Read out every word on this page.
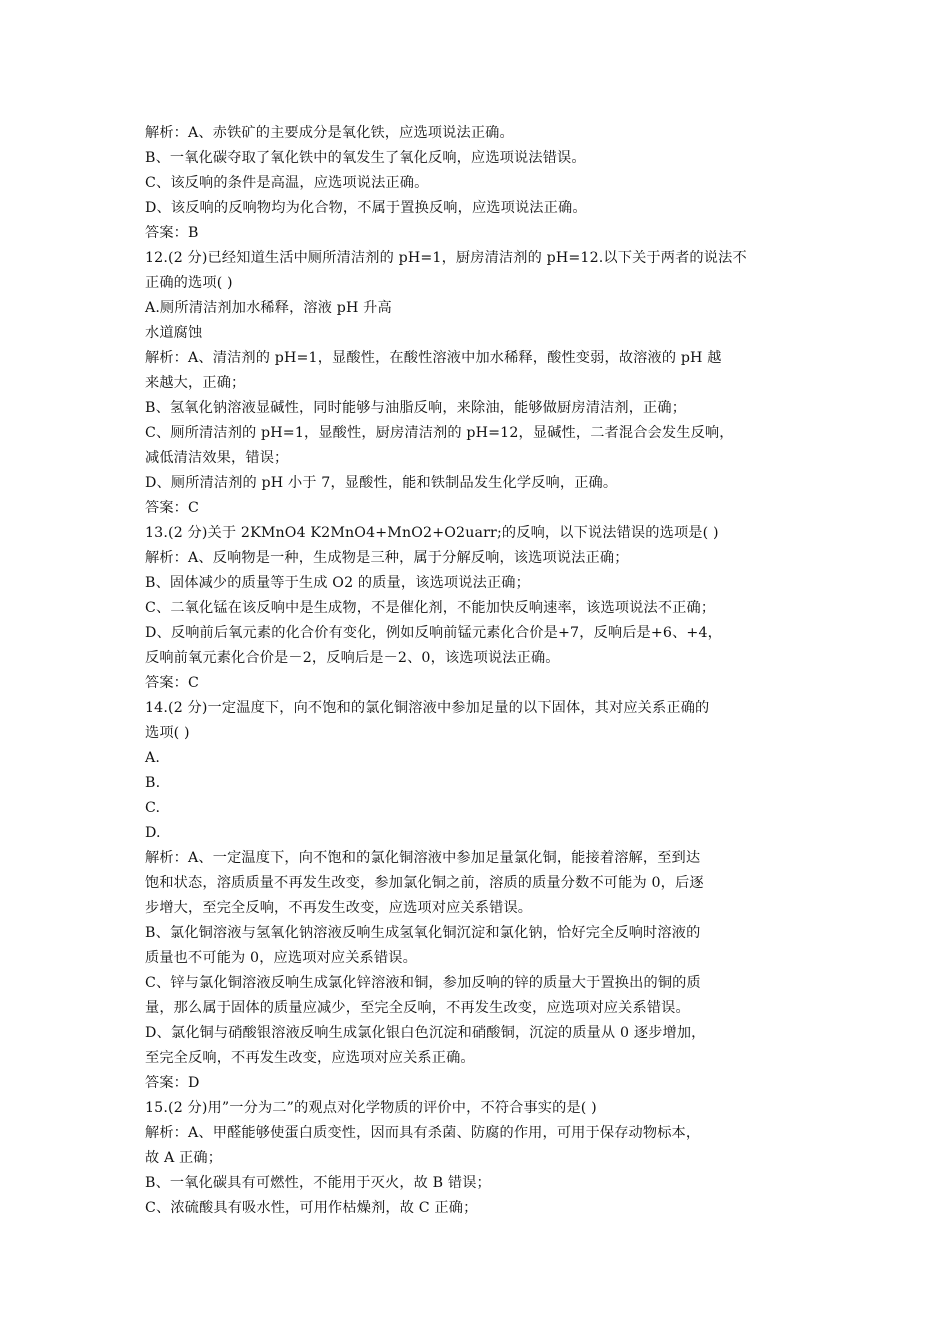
解析：A、赤铁矿的主要成分是氧化铁，应选项说法正确。
B、一氧化碳夺取了氧化铁中的氧发生了氧化反响，应选项说法错误。
C、该反响的条件是高温，应选项说法正确。
D、该反响的反响物均为化合物，不属于置换反响，应选项说法正确。
答案：B
12.(2 分)已经知道生活中厕所清洁剂的 pH=1，厨房清洁剂的 pH=12.以下关于两者的说法不
正确的选项( )
A.厕所清洁剂加水稀释，溶液 pH 升高
水道腐蚀
解析：A、清洁剂的 pH=1，显酸性，在酸性溶液中加水稀释，酸性变弱，故溶液的 pH 越
来越大，正确；
B、氢氧化钠溶液显碱性，同时能够与油脂反响，来除油，能够做厨房清洁剂，正确；
C、厕所清洁剂的 pH=1，显酸性，厨房清洁剂的 pH=12，显碱性，二者混合会发生反响，
减低清洁效果，错误；
D、厕所清洁剂的 pH 小于 7，显酸性，能和铁制品发生化学反响，正确。
答案：C
13.(2 分)关于 2KMnO4 K2MnO4+MnO2+O2uarr;的反响，以下说法错误的选项是( )
解析：A、反响物是一种，生成物是三种，属于分解反响，该选项说法正确；
B、固体减少的质量等于生成 O2 的质量，该选项说法正确；
C、二氧化锰在该反响中是生成物，不是催化剂，不能加快反响速率，该选项说法不正确；
D、反响前后氧元素的化合价有变化，例如反响前锰元素化合价是+7，反响后是+6、+4，
反响前氧元素化合价是－2，反响后是－2、0，该选项说法正确。
答案：C
14.(2 分)一定温度下，向不饱和的氯化铜溶液中参加足量的以下固体，其对应关系正确的
选项( )
A.
B.
C.
D.
解析：A、一定温度下，向不饱和的氯化铜溶液中参加足量氯化铜，能接着溶解，至到达
饱和状态，溶质质量不再发生改变，参加氯化铜之前，溶质的质量分数不可能为 0，后逐
步增大，至完全反响，不再发生改变，应选项对应关系错误。
B、氯化铜溶液与氢氧化钠溶液反响生成氢氧化铜沉淀和氯化钠，恰好完全反响时溶液的
质量也不可能为 0，应选项对应关系错误。
C、锌与氯化铜溶液反响生成氯化锌溶液和铜，参加反响的锌的质量大于置换出的铜的质
量，那么属于固体的质量应减少，至完全反响，不再发生改变，应选项对应关系错误。
D、氯化铜与硝酸银溶液反响生成氯化银白色沉淀和硝酸铜，沉淀的质量从 0 逐步增加，
至完全反响，不再发生改变，应选项对应关系正确。
答案：D
15.(2 分)用”一分为二”的观点对化学物质的评价中，不符合事实的是( )
解析：A、甲醛能够使蛋白质变性，因而具有杀菌、防腐的作用，可用于保存动物标本，
故 A 正确；
B、一氧化碳具有可燃性，不能用于灭火，故 B 错误；
C、浓硫酸具有吸水性，可用作枯燥剂，故 C 正确；
